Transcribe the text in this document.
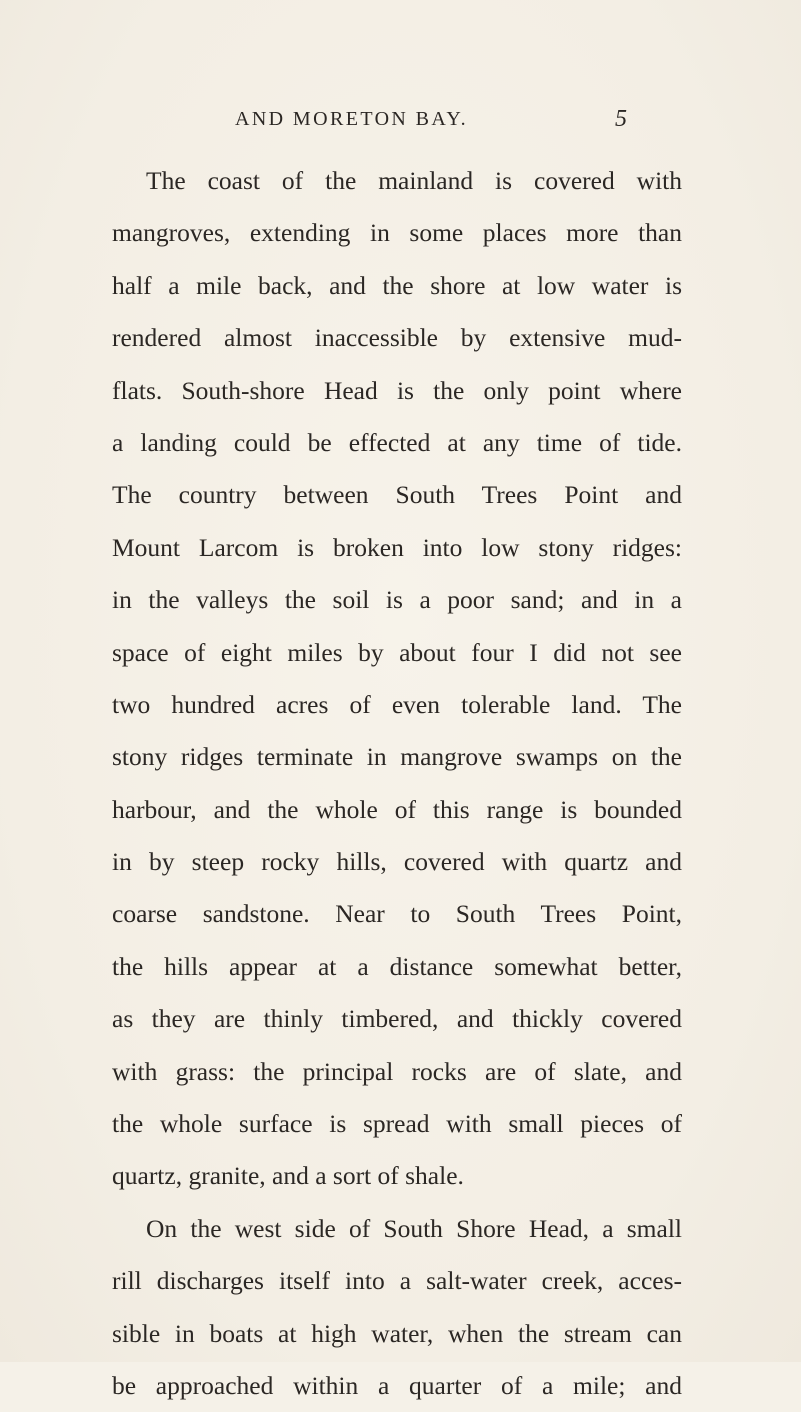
AND MORETON BAY.	5
The coast of the mainland is covered with
mangroves, extending in some places more than
half a mile back, and the shore at low water is
rendered almost inaccessible by extensive mud-
flats. South-shore Head is the only point where
a landing could be effected at any time of tide.
The country between South Trees Point and
Mount Larcom is broken into low stony ridges:
in the valleys the soil is a poor sand; and in a
space of eight miles by about four I did not see
two hundred acres of even tolerable land. The
stony ridges terminate in mangrove swamps on the
harbour, and the whole of this range is bounded
in by steep rocky hills, covered with quartz and
coarse sandstone. Near to South Trees Point,
the hills appear at a distance somewhat better,
as they are thinly timbered, and thickly covered
with grass: the principal rocks are of slate, and
the whole surface is spread with small pieces of
quartz, granite, and a sort of shale.
On the west side of South Shore Head, a small
rill discharges itself into a salt-water creek, acces-
sible in boats at high water, when the stream can
be approached within a quarter of a mile; and
